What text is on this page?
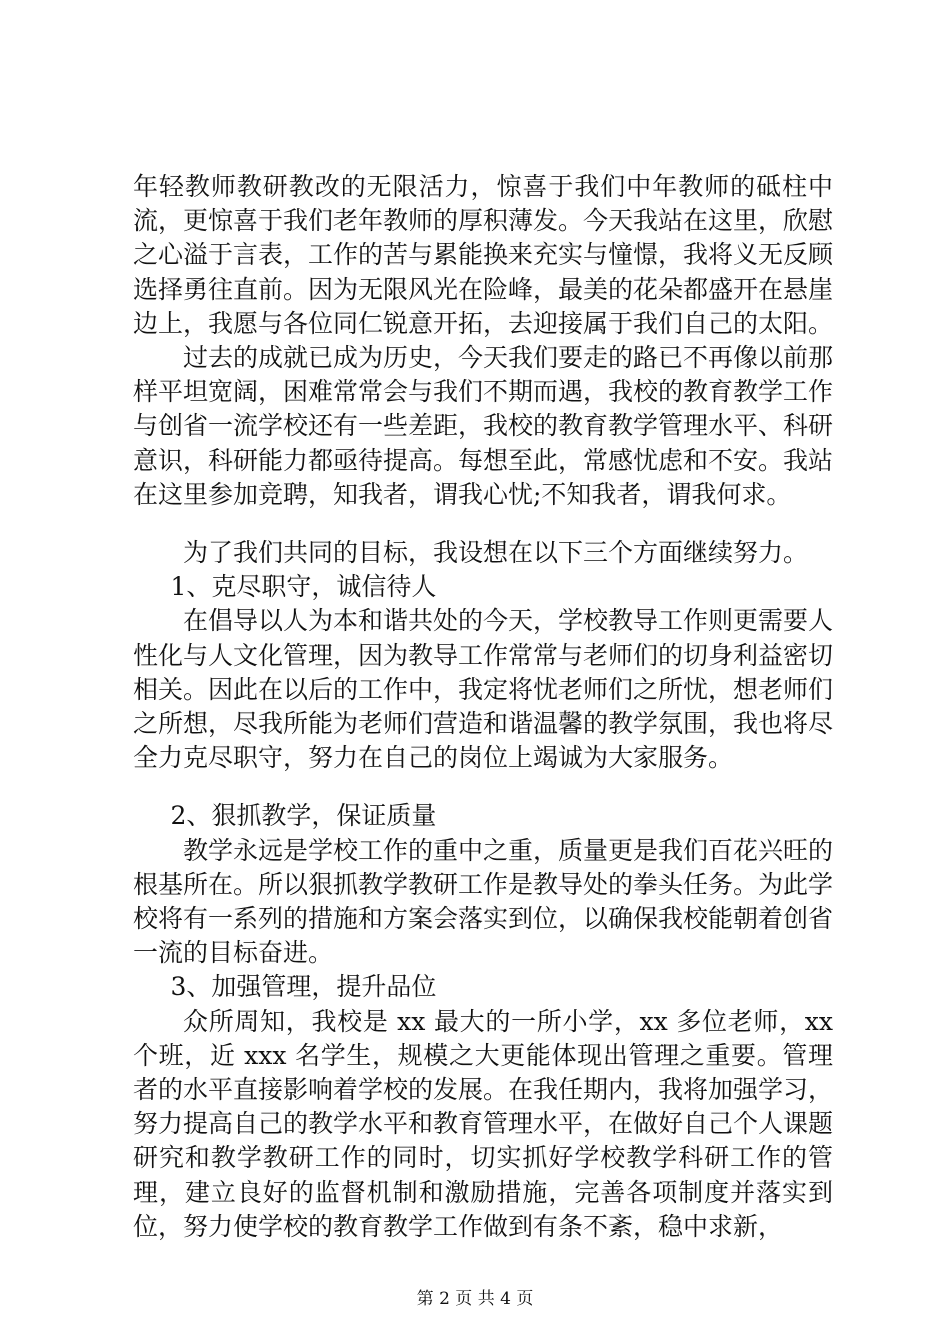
年轻教师教研教改的无限活力，惊喜于我们中年教师的砥柱中流，更惊喜于我们老年教师的厚积薄发。今天我站在这里，欣慰之心溢于言表，工作的苦与累能换来充实与憧憬，我将义无反顾选择勇往直前。因为无限风光在险峰，最美的花朵都盛开在悬崖边上，我愿与各位同仁锐意开拓，去迎接属于我们自己的太阳。

过去的成就已成为历史，今天我们要走的路已不再像以前那样平坦宽阔，困难常常会与我们不期而遇，我校的教育教学工作与创省一流学校还有一些差距，我校的教育教学管理水平、科研意识，科研能力都亟待提高。每想至此，常感忧虑和不安。我站在这里参加竞聘，知我者，谓我心忧;不知我者，谓我何求。

为了我们共同的目标，我设想在以下三个方面继续努力。

1、克尽职守，诚信待人

在倡导以人为本和谐共处的今天，学校教导工作则更需要人性化与人文化管理，因为教导工作常常与老师们的切身利益密切相关。因此在以后的工作中，我定将忧老师们之所忧，想老师们之所想，尽我所能为老师们营造和谐温馨的教学氛围，我也将尽全力克尽职守，努力在自己的岗位上竭诚为大家服务。

2、狠抓教学，保证质量

教学永远是学校工作的重中之重，质量更是我们百花兴旺的根基所在。所以狠抓教学教研工作是教导处的拳头任务。为此学校将有一系列的措施和方案会落实到位，以确保我校能朝着创省一流的目标奋进。

3、加强管理，提升品位

众所周知，我校是 xx 最大的一所小学，xx 多位老师，xx 个班，近 xxx 名学生，规模之大更能体现出管理之重要。管理者的水平直接影响着学校的发展。在我任期内，我将加强学习，努力提高自己的教学水平和教育管理水平，在做好自己个人课题研究和教学教研工作的同时，切实抓好学校教学科研工作的管理，建立良好的监督机制和激励措施，完善各项制度并落实到位，努力使学校的教育教学工作做到有条不紊，稳中求新，

第 2 页 共 4 页
